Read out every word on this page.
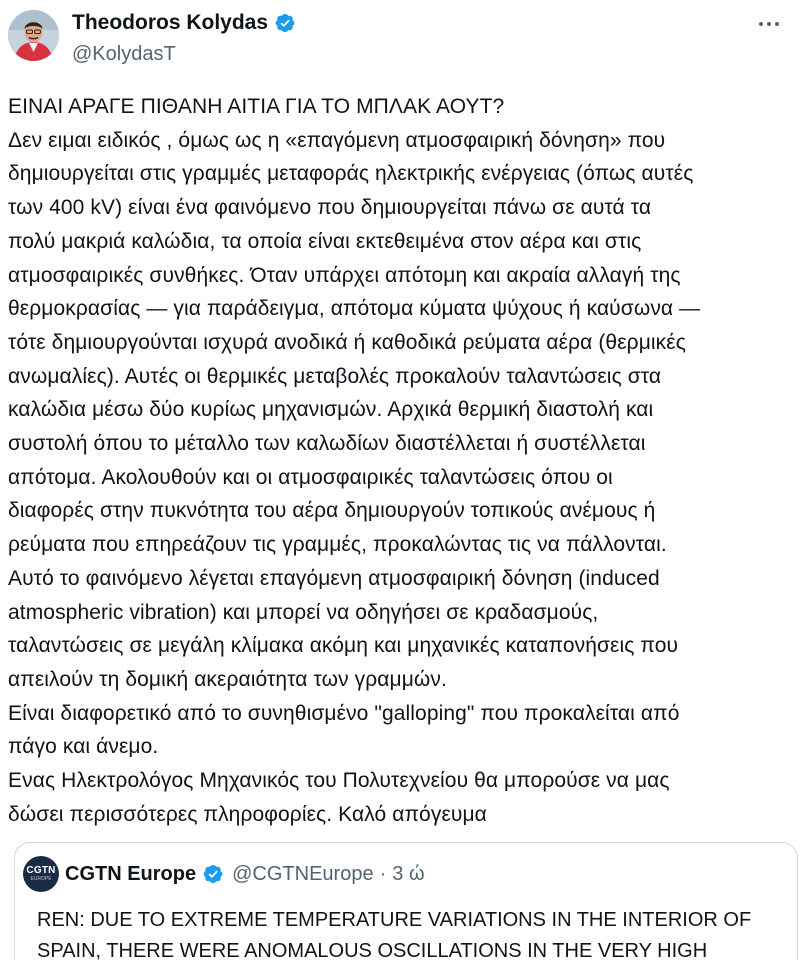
Theodoros Kolydas
@KolydasT

ΕΙΝΑΙ ΑΡΑΓΕ ΠΙΘΑΝΗ ΑΙΤΙΑ ΓΙΑ ΤΟ ΜΠΛΑΚ ΑΟΥΤ?

Δεν ειμαι ειδικός , όμως ως η «επαγόμενη ατμοσφαιρική δόνηση» που

δημιουργείται στις γραμμές μεταφοράς ηλεκτρικής ενέργειας (όπως αυτές

των 400 kV) είναι ένα φαινόμενο που δημιουργείται πάνω σε αυτά τα

πολύ μακριά καλώδια, τα οποία είναι εκτεθειμένα στον αέρα και στις

ατμοσφαιρικές συνθήκες. Όταν υπάρχει απότομη και ακραία αλλαγή της

θερμοκρασίας — για παράδειγμα, απότομα κύματα ψύχους ή καύσωνα —

τότε δημιουργούνται ισχυρά ανοδικά ή καθοδικά ρεύματα αέρα (θερμικές

ανωμαλίες). Αυτές οι θερμικές μεταβολές προκαλούν ταλαντώσεις στα

καλώδια μέσω δύο κυρίως μηχανισμών. Αρχικά θερμική διαστολή και

συστολή όπου το μέταλλο των καλωδίων διαστέλλεται ή συστέλλεται

απότομα. Ακολουθούν και οι ατμοσφαιρικές ταλαντώσεις όπου οι

διαφορές στην πυκνότητα του αέρα δημιουργούν τοπικούς ανέμους ή

ρεύματα που επηρεάζουν τις γραμμές, προκαλώντας τις να πάλλονται.

Αυτό το φαινόμενο λέγεται επαγόμενη ατμοσφαιρική δόνηση (induced

atmospheric vibration) και μπορεί να οδηγήσει σε κραδασμούς,

ταλαντώσεις σε μεγάλη κλίμακα ακόμη και μηχανικές καταπονήσεις που

απειλούν τη δομική ακεραιότητα των γραμμών.

Είναι διαφορετικό από το συνηθισμένο "galloping" που προκαλείται από

πάγο και άνεμο.

Ενας Ηλεκτρολόγος Μηχανικός του Πολυτεχνείου θα μπορούσε να μας

δώσει περισσότερες πληροφορίες. Καλό απόγευμα

CGTN
EUROPE CGTN Europe @CGTNEurope · 3 ώ

REN: DUE TO EXTREME TEMPERATURE VARIATIONS IN THE INTERIOR OF

SPAIN, THERE WERE ANOMALOUS OSCILLATIONS IN THE VERY HIGH
